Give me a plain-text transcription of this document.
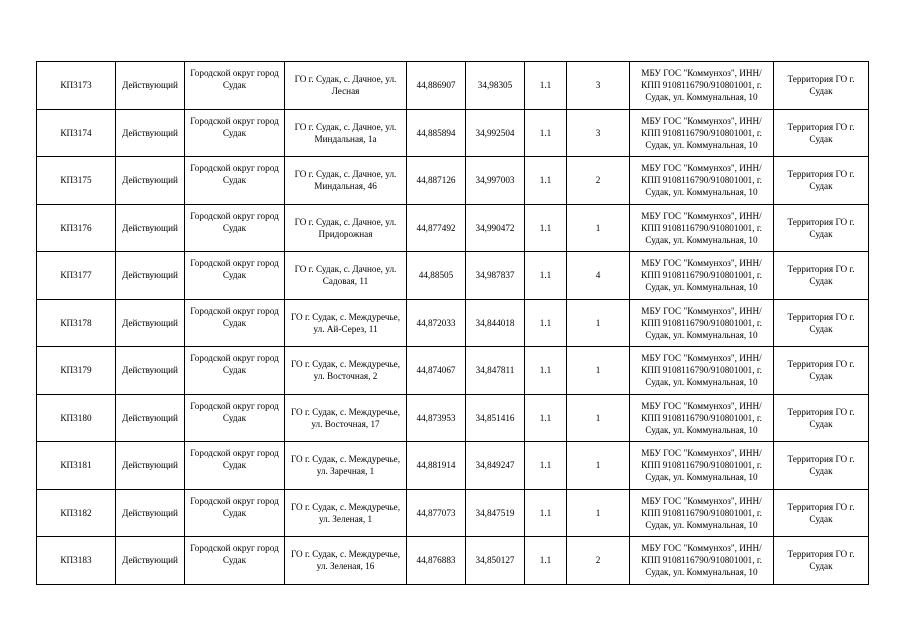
КП3173	Действующий	Городской округ город Судак	ГО г. Судак, с. Дачное, ул. Лесная	44,886907	34,98305	1.1	3	МБУ ГОС "Коммунхоз", ИНН/КПП 9108116790/910801001, г. Судак, ул. Коммунальная, 10	Территория ГО г. Судак
КП3174	Действующий	Городской округ город Судак	ГО г. Судак, с. Дачное, ул. Миндальная, 1а	44,885894	34,992504	1.1	3	МБУ ГОС "Коммунхоз", ИНН/КПП 9108116790/910801001, г. Судак, ул. Коммунальная, 10	Территория ГО г. Судак
КП3175	Действующий	Городской округ город Судак	ГО г. Судак, с. Дачное, ул. Миндальная, 46	44,887126	34,997003	1.1	2	МБУ ГОС "Коммунхоз", ИНН/КПП 9108116790/910801001, г. Судак, ул. Коммунальная, 10	Территория ГО г. Судак
КП3176	Действующий	Городской округ город Судак	ГО г. Судак, с. Дачное, ул. Придорожная	44,877492	34,990472	1.1	1	МБУ ГОС "Коммунхоз", ИНН/КПП 9108116790/910801001, г. Судак, ул. Коммунальная, 10	Территория ГО г. Судак
КП3177	Действующий	Городской округ город Судак	ГО г. Судак, с. Дачное, ул. Садовая, 11	44,88505	34,987837	1.1	4	МБУ ГОС "Коммунхоз", ИНН/КПП 9108116790/910801001, г. Судак, ул. Коммунальная, 10	Территория ГО г. Судак
КП3178	Действующий	Городской округ город Судак	ГО г. Судак, с. Междуречье, ул. Ай-Серез, 11	44,872033	34,844018	1.1	1	МБУ ГОС "Коммунхоз", ИНН/КПП 9108116790/910801001, г. Судак, ул. Коммунальная, 10	Территория ГО г. Судак
КП3179	Действующий	Городской округ город Судак	ГО г. Судак, с. Междуречье, ул. Восточная, 2	44,874067	34,847811	1.1	1	МБУ ГОС "Коммунхоз", ИНН/КПП 9108116790/910801001, г. Судак, ул. Коммунальная, 10	Территория ГО г. Судак
КП3180	Действующий	Городской округ город Судак	ГО г. Судак, с. Междуречье, ул. Восточная, 17	44,873953	34,851416	1.1	1	МБУ ГОС "Коммунхоз", ИНН/КПП 9108116790/910801001, г. Судак, ул. Коммунальная, 10	Территория ГО г. Судак
КП3181	Действующий	Городской округ город Судак	ГО г. Судак, с. Междуречье, ул. Заречная, 1	44,881914	34,849247	1.1	1	МБУ ГОС "Коммунхоз", ИНН/КПП 9108116790/910801001, г. Судак, ул. Коммунальная, 10	Территория ГО г. Судак
КП3182	Действующий	Городской округ город Судак	ГО г. Судак, с. Междуречье, ул. Зеленая, 1	44,877073	34,847519	1.1	1	МБУ ГОС "Коммунхоз", ИНН/КПП 9108116790/910801001, г. Судак, ул. Коммунальная, 10	Территория ГО г. Судак
КП3183	Действующий	Городской округ город Судак	ГО г. Судак, с. Междуречье, ул. Зеленая, 16	44,876883	34,850127	1.1	2	МБУ ГОС "Коммунхоз", ИНН/КПП 9108116790/910801001, г. Судак, ул. Коммунальная, 10	Территория ГО г. Судак
